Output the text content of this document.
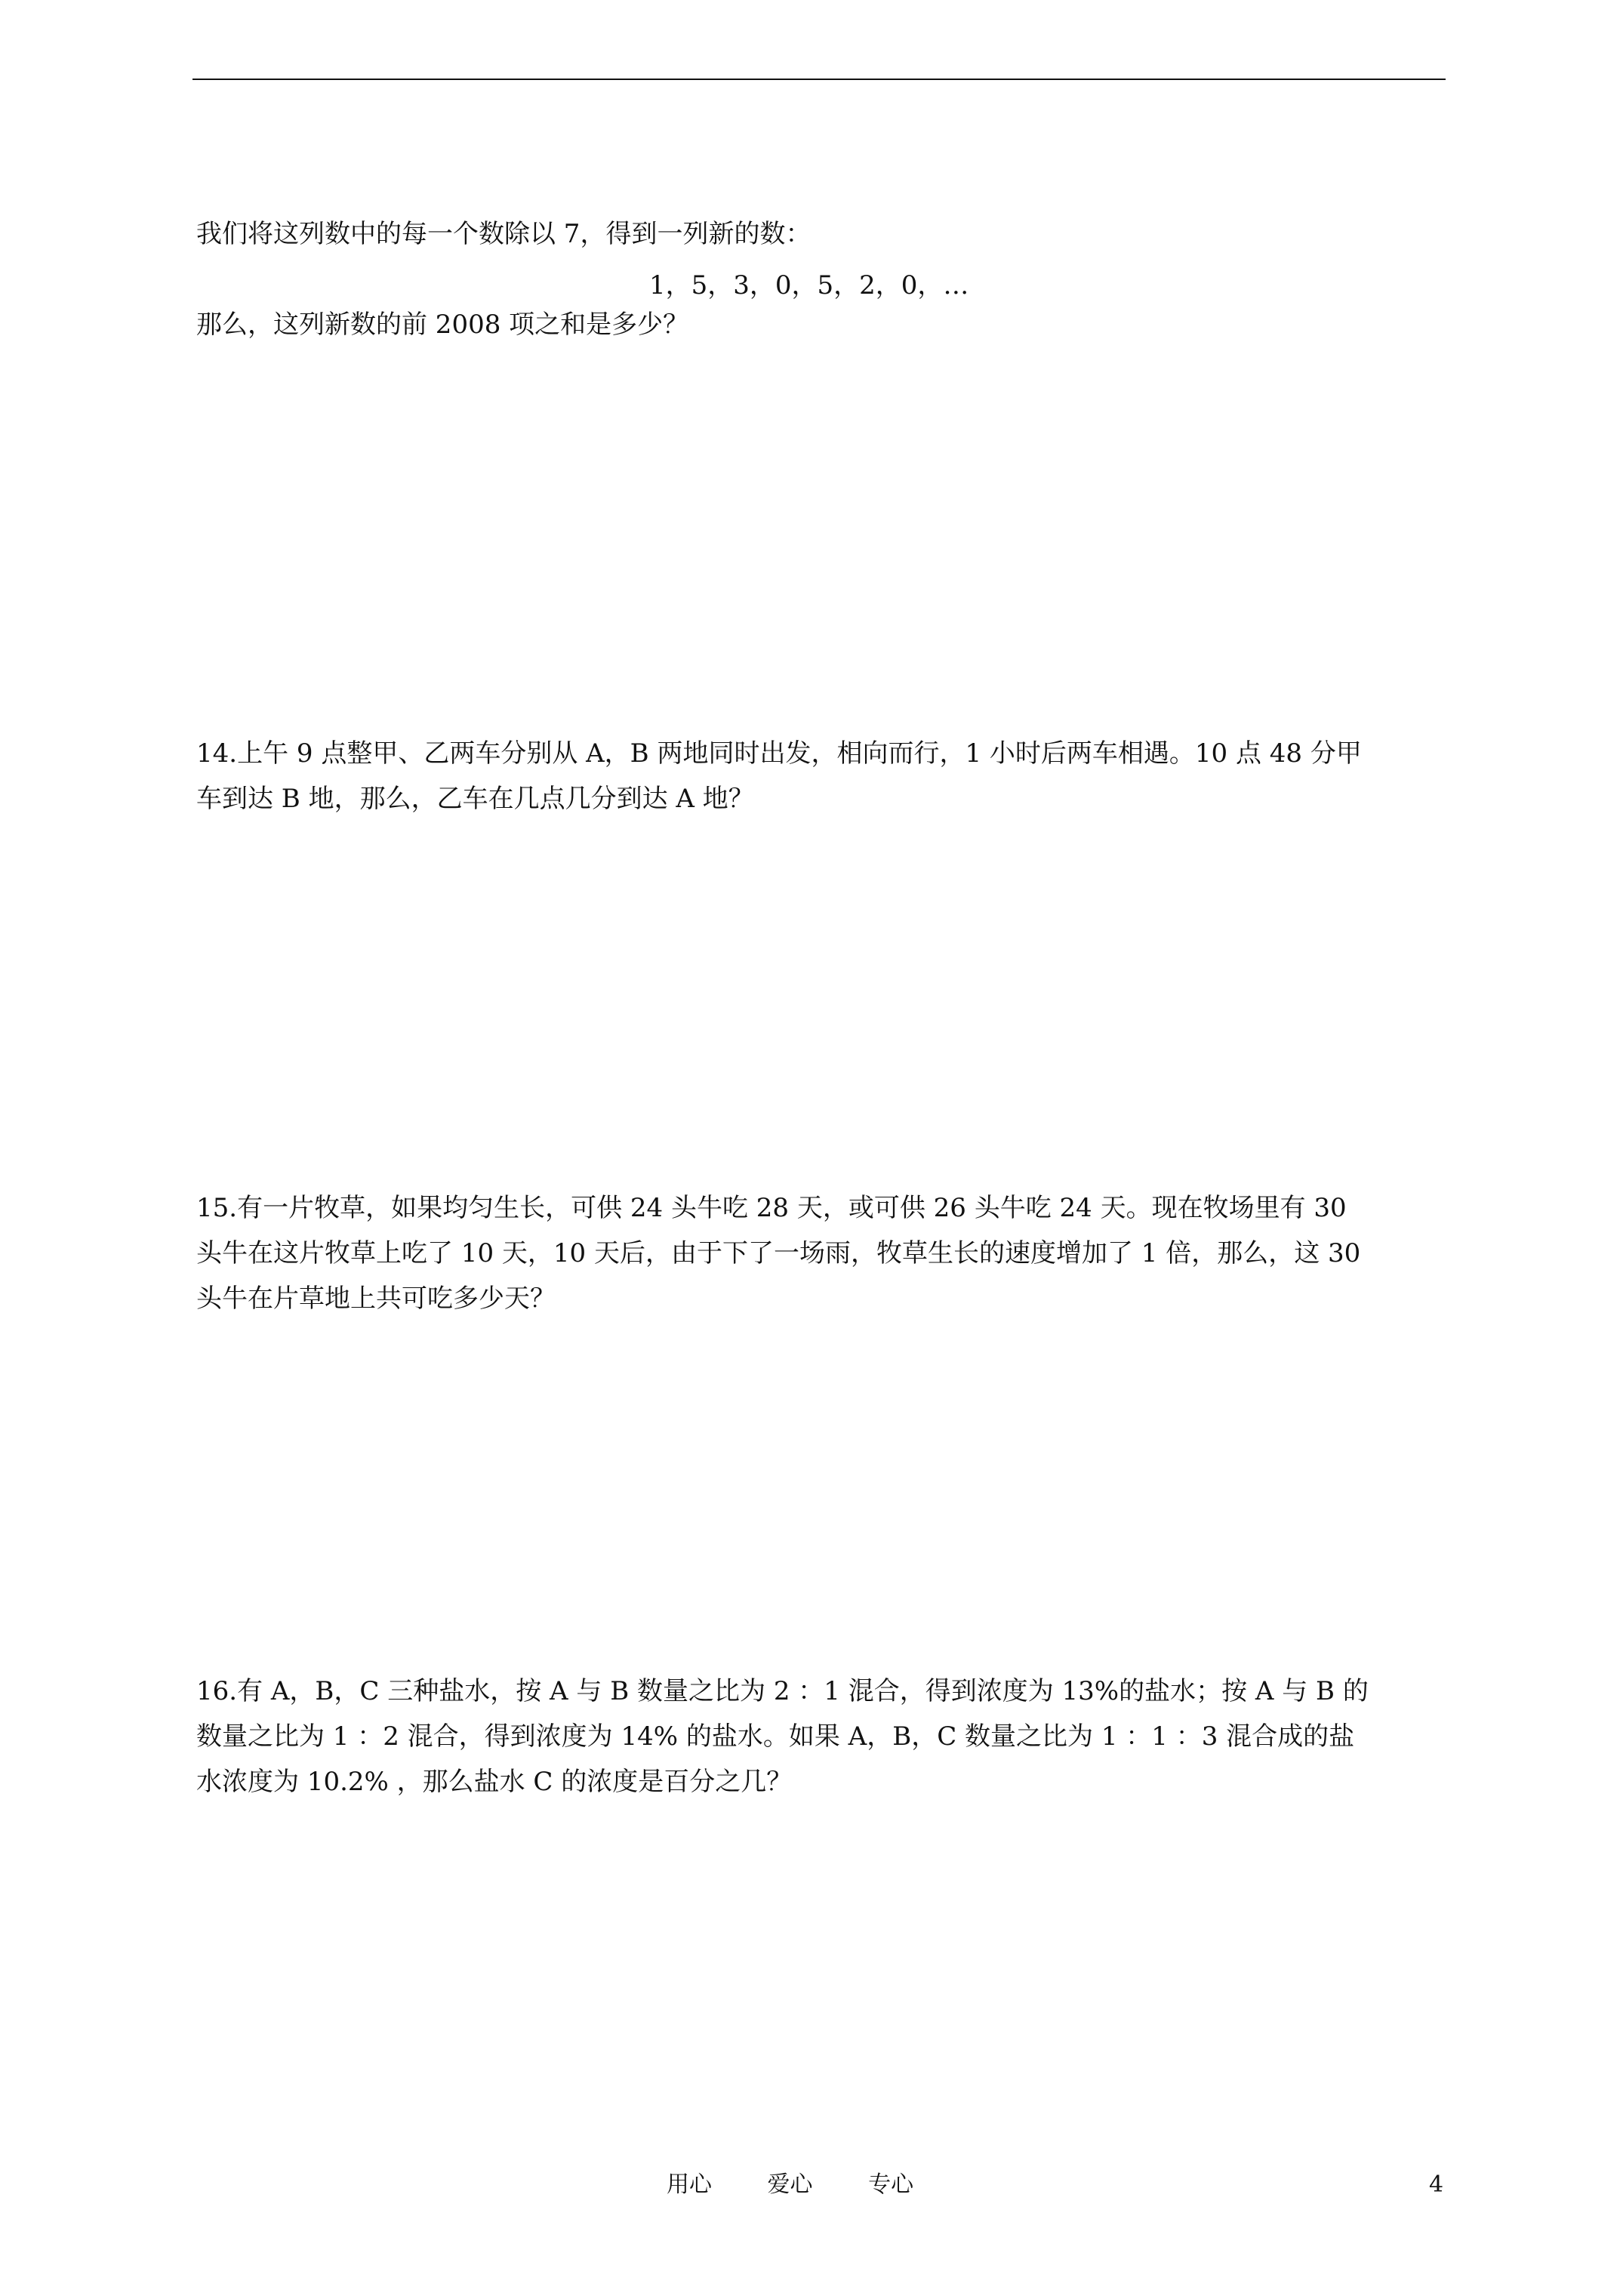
我们将这列数中的每一个数除以 7，得到一列新的数：

1，5，3，0，5，2，0，…

那么，这列新数的前 2008 项之和是多少？

14.上午 9 点整甲、乙两车分别从 A，B 两地同时出发，相向而行，1 小时后两车相遇。10 点 48 分甲
车到达 B 地，那么，乙车在几点几分到达 A 地？
15.有一片牧草，如果均匀生长，可供 24 头牛吃 28 天，或可供 26 头牛吃 24 天。现在牧场里有 30
头牛在这片牧草上吃了 10 天，10 天后，由于下了一场雨，牧草生长的速度增加了 1 倍，那么，这 30
头牛在片草地上共可吃多少天？
16.有 A，B，C 三种盐水，按 A 与 B 数量之比为 2 ：1 混合，得到浓度为 13%的盐水；按 A 与 B 的
数量之比为 1 ：2 混合，得到浓度为 14% 的盐水。如果 A，B，C 数量之比为 1 ：1 ：3 混合成的盐
水浓度为 10.2% ，那么盐水 C 的浓度是百分之几？
用心 爱心 专心	4
